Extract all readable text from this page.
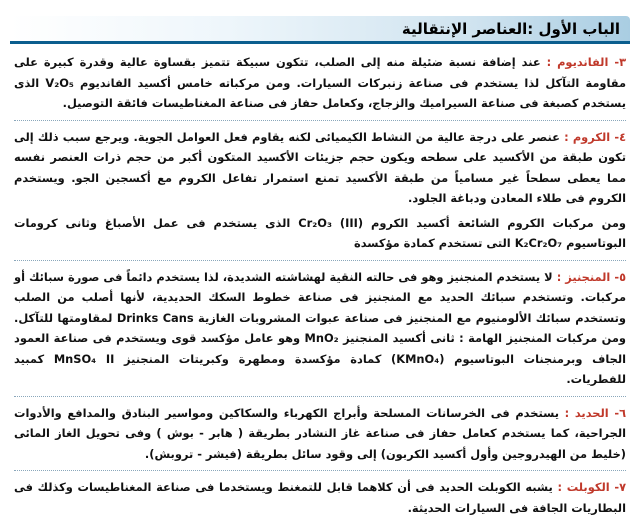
الباب الأول :العناصر الإنتقالية

٣- الفانديوم : عند إضافة نسبة ضئيلة منه إلى الصلب، تتكون سبيكة تتميز بقساوة عالية وقدرة كبيرة على مقاومة التآكل لذا يستخدم فى صناعة زنبركات السيارات. ومن مركباته خامس أكسيد الفانديوم V₂O₅ الذى يستخدم كصبغة فى صناعة السيراميك والزجاج، وكعامل حفاز فى صناعة المغناطيسات فائقة التوصيل.

٤- الكروم : عنصر على درجة عالية من النشاط الكيميائى لكنه يقاوم فعل العوامل الجوية. ويرجع سبب ذلك إلى تكون طبقة من الأكسيد على سطحه ويكون حجم جزيئات الأكسيد المتكون أكبر من حجم ذرات العنصر نفسه مما يعطى سطحاً غير مسامياً من طبقة الأكسيد تمنع استمرار تفاعل الكروم مع أكسجين الجو. ويستخدم الكروم فى طلاء المعادن ودباغة الجلود.

ومن مركبات الكروم الشائعة أكسيد الكروم (III) Cr₂O₃ الذى يستخدم فى عمل الأصباغ وثانى كرومات البوتاسيوم K₂Cr₂O₇ التى تستخدم كمادة مؤكسدة

٥- المنجنيز : لا يستخدم المنجنيز وهو فى حالته النقية لهشاشته الشديدة، لذا يستخدم دائماً فى صورة سبائك أو مركبات. وتستخدم سبائك الحديد مع المنجنيز فى صناعة خطوط السكك الحديدية، لأنها أصلب من الصلب وتستخدم سبائك الألومنيوم مع المنجنيز فى صناعة عبوات المشروبات الغازية Drinks Cans لمقاومتها للتآكل. ومن مركبات المنجنيز الهامة : ثانى أكسيد المنجنيز MnO₂ وهو عامل مؤكسد قوى ويستخدم فى صناعة العمود الجاف وبرمنجنات البوتاسيوم (KMnO₄) كمادة مؤكسدة ومطهرة وكبريتات المنجنيز MnSO₄ II كمبيد للفطريات.

٦- الحديد : يستخدم فى الخرسانات المسلحة وأبراج الكهرباء والسكاكين ومواسير البنادق والمدافع والأدوات الجراحية، كما يستخدم كعامل حفاز فى صناعة غاز النشادر بطريقة ( هابر - بوش ) وفى تحويل الغاز المائى (خليط من الهيدروجين وأول أكسيد الكربون) إلى وقود سائل بطريقة (فيشر - تروبش).

٧- الكوبلت : يشبه الكوبلت الحديد فى أن كلاهما قابل للتمغنط ويستخدما فى صناعة المغناطيسات وكذلك فى البطاريات الجافة فى السيارات الحديثة.
